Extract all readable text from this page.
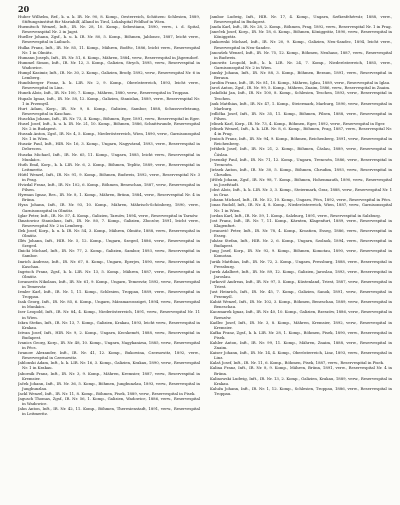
20

Huber Wilhelm, Ref., k. u. k. IR. Nr. 90, 8. Komp., Oesterreich, Schützen: Schlesien, 1889, Stiftungsinstitut für Mariahilf, Alland in Tirol, Lokalspital Feldhof in Wien.

Huemitsch Wenzel, Inft., IR. Nr. 28, 10. Komp., Sebestianu, 1890, verw., i. d. Spital, Reservenspital Nr. 2 in Jagst.

Hueller Johann, Zgsf., k. u. k. IR. Nr. 80, 5. Komp., Böhmen, Jablonec, 1887, leicht verw., Reservespital in Laibach.

Hulka Franz, Inft., IR. Nr. 85, 11. Komp., Mähren, Bodřic, 1886, leicht verw., Reservespital Nr. 1 in Olmütz.

Humann Joseph, Inft., IR. Nr. 51, 6. Komp., Mähren, 1884, verw., Reservespital in Jägerndorf.

Hummel Simon, Inft., IR. Nr. 12, 3. Komp., Galizien, Strych, 1895, verw., Reservespital in Wadowice.

Humpl Kasimir, Inft., IR. Nr. 30, 2. Komp., Galizien, Brody, 1892, verw., Reservespital Nr. 6 in Lemberg.

Hundsberger Franz, k. k. LIR. Nr. 2, 9. Komp., Oberösterreich, 1893, leicht verw., Reservespital in Linz.

Hunek Alois, Inft., IR. Nr. 100, 7. Komp., Mähren, 1880, verw., Reservespital in Troppau.

Hupalo Ignaz, Inft., IR. Nr. 58, 12. Komp., Galizien, Stanislau, 1889, verw., Reservespital Nr. 1 in Przemyśl.

Hurt Adam, Korp., IR. Nr. 9, 8. Komp., Galizien, Sambor, 1888, Schussverletzung, Reservespital in Kaschau.

Huschka Johann, Inft., IR. Nr. 73, 4. Komp., Böhmen, Eger, 1891, verw., Reservespital in Eger.

Husel Josef, Inft., k. u. k. IR. Nr. 21, 10. Komp., Böhmen, 1886, Schnittwunde, Reservespital Nr. 2 in Budapest.

Hussak Anton, Zgsf., IR. Nr. 4, 5. Komp., Niederösterreich, Wien, 1890, verw., Garnisonsspital Nr. 1 in Wien.

Huszár Paul, Inft., HIR. Nr. 16, 3. Komp., Ungarn, Nagyvárad, 1893, verw., Reservespital in Debrecen.

Huszka Michael, Inft., IR. Nr. 65, 11. Komp., Ungarn, 1885, leicht verw., Reservespital in Munkács.

Huth Emil, Korp., k. k. LIR. Nr. 6, 2. Komp., Böhmen, Teplitz, 1889, verw., Reservespital in Leitmeritz.

Hüttl Wenzel, Inft., IR. Nr. 91, 9. Komp., Böhmen, Budweis, 1892, verw., Reservespital Nr. 3 in Prag.

Hvizdal Franz, Inft., IR. Nr. 102, 6. Komp., Böhmen, Beneschau, 1887, verw., Reservespital in Pilsen.

Hyrman Ignaz, Res., IR. Nr. 8, 1. Komp., Mähren, Brünn, 1884, verw., Reservespital Nr. 4 in Brünn.

Hyza Johann, Inft., IR. Nr. 93, 10. Komp., Mähren, Mährisch-Schönberg, 1890, verw., Garnisonsspital in Olmütz.

Iglar Peter, Inft., IR. Nr. 57, 4. Komp., Galizien, Tarnów, 1894, verw., Reservespital in Tarnów.

Ihnatowicz Stanislaus, Inft., IR. Nr. 80, 7. Komp., Galizien, Złoczów, 1891, leicht verw., Reservespital Nr. 2 in Lemberg.

Ilek Josef, Korp., k. u. k. IR. Nr. 54, 3. Komp., Mähren, Olmütz, 1888, verw., Reservespital in Olmütz.

Illés Johann, Inft., HIR. Nr. 5, 12. Komp., Ungarn, Szeged, 1886, verw., Reservespital in Szeged.

Ilnicki Michael, Inft., IR. Nr. 77, 2. Komp., Galizien, Sambor, 1893, verw., Reservespital in Sambor.

Imrich Andreas, Inft., IR. Nr. 67, 8. Komp., Ungarn, Eperjes, 1890, verw., Reservespital in Kaschau.

Ingrisch Franz, Zgsf., k. k. LIR. Nr. 13, 5. Komp., Mähren, 1887, verw., Reservespital in Olmütz.

Iovanovits Nikolaus, Inft., IR. Nr. 61, 9. Komp., Ungarn, Temesvár, 1892, verw., Reservespital in Temesvár.

Irmler Karl, Inft., IR. Nr. 1, 11. Komp., Schlesien, Troppau, 1889, verw., Reservespital in Troppau.

Isak Georg, Inft., IR. Nr. 85, 6. Komp., Ungarn, Máramarossziget, 1894, verw., Reservespital in Munkács.

Iser Leopold, Inft., IR. Nr. 84, 4. Komp., Niederösterreich, 1891, verw., Reservespital Nr. 11 in Wien.

Iskra Stefan, Inft., IR. Nr. 13, 7. Komp., Galizien, Krakau, 1893, leicht verw., Reservespital in Krakau.

Istvan Josef, Inft., HIR. Nr. 9, 2. Komp., Ungarn, Kecskemét, 1888, verw., Reservespital in Budapest.

Ivanics Georg, Korp., IR. Nr. 48, 10. Komp., Ungarn, Nagykanizsa, 1885, verw., Reservespital in Pécs.

Iwanow Alexander, Inft., IR. Nr. 41, 12. Komp., Bukowina, Czernowitz, 1892, verw., Reservespital in Czernowitz.

Jablonski Adam, Inft., k. k. LIR. Nr. 16, 3. Komp., Galizien, Krakau, 1890, verw., Reservespital Nr. 1 in Krakau.

Jaborník Franz, Inft., IR. Nr. 3, 9. Komp., Mähren, Kremsier, 1887, verw., Reservespital in Kremsier.

Jaček Johann, Inft., IR. Nr. 36, 5. Komp., Böhmen, Jungbunzlau, 1893, verw., Reservespital in Jungbunzlau.

Jackl Wenzel, Inft., IR. Nr. 11, 8. Komp., Böhmen, Pisek, 1889, verw., Reservespital in Pisek.

Jagusch Thomas, Zgsf., IR. Nr. 56, 1. Komp., Galizien, Wadowice, 1886, verw., Reservespital in Wadowice.

Jahn Anton, Inft., IR. Nr. 42, 11. Komp., Böhmen, Theresienstadt, 1891, verw., Reservespital in Leitmeritz.

Jambor Ludwig, Inft., HIR. Nr. 17, 4. Komp., Ungarn, Székesfehérvár, 1888, verw., Reservespital in Budapest.

Janda Karl, Inft., IR. Nr. 28, 2. Komp., Böhmen, Prag, 1892, verw., Reservespital Nr. 1 in Prag.

Janeček Josef, Korp., IR. Nr. 18, 6. Komp., Böhmen, Königgrätz, 1890, verw., Reservespital in Königgrätz.

Jankowski Michael, Inft., IR. Nr. 20, 9. Komp., Galizien, Neu-Sandec, 1894, leicht verw., Reservespital in Neu-Sandec.

Janoušek Wenzel, Inft., IR. Nr. 75, 12. Komp., Böhmen, Neuhaus, 1887, verw., Reservespital in Budweis.

Janowitz Leopold, Inft., k. k. LIR. Nr. 24, 7. Komp., Niederösterreich, 1885, verw., Garnisonsspital Nr. 2 in Wien.

Janský Johann, Inft., IR. Nr. 88, 3. Komp., Böhmen, Beraun, 1891, verw., Reservespital in Beraun.

Jarolím Franz, Inft., IR. Nr. 81, 10. Komp., Mähren, Iglau, 1889, verw., Reservespital in Iglau.

Jaroš Anton, Zgsf., IR. Nr. 99, 5. Komp., Mähren, Znaim, 1886, verw., Reservespital in Znaim.

Jaskólski Jan, Inft., IR. Nr. 100, 8. Komp., Schlesien, Teschen, 1893, verw., Reservespital in Teschen.

Jauk Matthias, Inft., IR. Nr. 47, 1. Komp., Steiermark, Marburg, 1890, verw., Reservespital in Marburg.

Jedlička Josef, Inft., IR. Nr. 35, 11. Komp., Böhmen, Pilsen, 1888, verw., Reservespital in Pilsen.

Jelinek Karl, Korp., IR. Nr. 73, 4. Komp., Böhmen, Eger, 1892, verw., Reservespital in Eger.

Jelínek Wenzel, Inft., k. k. LIR. Nr. 8, 6. Komp., Böhmen, Prag, 1887, verw., Reservespital Nr. 4 in Prag.

Jenisch Franz, Inft., IR. Nr. 94, 9. Komp., Böhmen, Reichenberg, 1891, verw., Reservespital in Reichenberg.

Jeřábek Josef, Inft., IR. Nr. 21, 2. Komp., Böhmen, Čáslau, 1889, verw., Reservespital in Čáslau.

Jesenský Paul, Inft., IR. Nr. 71, 12. Komp., Ungarn, Trencsén, 1886, verw., Reservespital in Trencsén.

Jirásek Anton, Inft., IR. Nr. 30, 5. Komp., Böhmen, Chrudim, 1893, verw., Reservespital in Chrudim.

Jiříček Johann, Zgsf., IR. Nr. 98, 7. Komp., Böhmen, Hohenmauth, 1890, verw., Reservespital in Josefstadt.

Jobst Alois, Inft., k. k. LIR. Nr. 3, 3. Komp., Steiermark, Graz, 1888, verw., Reservespital Nr. 1 in Graz.

Johann Michael, Inft., IR. Nr. 52, 10. Komp., Ungarn, Pécs, 1892, verw., Reservespital in Pécs.

Jonas Rudolf, Inft., IR. Nr. 4, 8. Komp., Niederösterreich, Wien, 1887, verw., Garnisonsspital Nr. 1 in Wien.

Jordan Karl, Inft., IR. Nr. 59, 1. Komp., Salzburg, 1891, verw., Reservespital in Salzburg.

Jost Franz, Inft., IR. Nr. 7, 11. Komp., Kärnten, Klagenfurt, 1889, verw., Reservespital in Klagenfurt.

Jovanović Peter, Inft., IR. Nr. 78, 4. Komp., Kroatien, Esseg, 1886, verw., Reservespital in Esseg.

Juhász Stefan, Inft., HIR. Nr. 2, 6. Komp., Ungarn, Szolnok, 1894, verw., Reservespital in Budapest.

Jung Josef, Korp., IR. Nr. 92, 9. Komp., Böhmen, Komotau, 1890, verw., Reservespital in Komotau.

Jurák Matthias, Inft., IR. Nr. 72, 2. Komp., Ungarn, Pressburg, 1888, verw., Reservespital in Pressburg.

Jurek Adalbert, Inft., IR. Nr. 89, 12. Komp., Galizien, Jaroslau, 1893, verw., Reservespital in Jaroslau.

Jurkovič Andreas, Inft., IR. Nr. 97, 5. Komp., Küstenland, Triest, 1887, verw., Reservespital in Triest.

Just Heinrich, Inft., IR. Nr. 45, 7. Komp., Galizien, Sanok, 1891, verw., Reservespital in Przemyśl.

Kabát Wenzel, Inft., IR. Nr. 102, 3. Komp., Böhmen, Beneschau, 1889, verw., Reservespital in Beneschau.

Kaczmarek Ignaz, Inft., IR. Nr. 40, 10. Komp., Galizien, Rzeszów, 1886, verw., Reservespital in Rzeszów.

Kadlec Josef, Inft., IR. Nr. 3, 8. Komp., Mähren, Kremsier, 1892, verw., Reservespital in Kremsier.

Kafka Franz, Zgsf., k. k. LIR. Nr. 28, 1. Komp., Böhmen, Pisek, 1890, verw., Reservespital in Pisek.

Kahler Anton, Inft., IR. Nr. 99, 11. Komp., Mähren, Znaim, 1888, verw., Reservespital in Znaim.

Kaiser Johann, Inft., IR. Nr. 14, 4. Komp., Oberösterreich, Linz, 1893, verw., Reservespital in Linz.

Kalaš Josef, Inft., IR. Nr. 11, 6. Komp., Böhmen, Pisek, 1887, verw., Reservespital in Pisek.

Kalina Franz, Inft., IR. Nr. 8, 9. Komp., Mähren, Brünn, 1891, verw., Reservespital Nr. 4 in Brünn.

Kalinowski Ludwig, Inft., IR. Nr. 13, 2. Komp., Galizien, Krakau, 1889, verw., Reservespital in Krakau.

Kaluža Johann, Inft., IR. Nr. 1, 12. Komp., Schlesien, Troppau, 1886, verw., Reservespital in Troppau.
